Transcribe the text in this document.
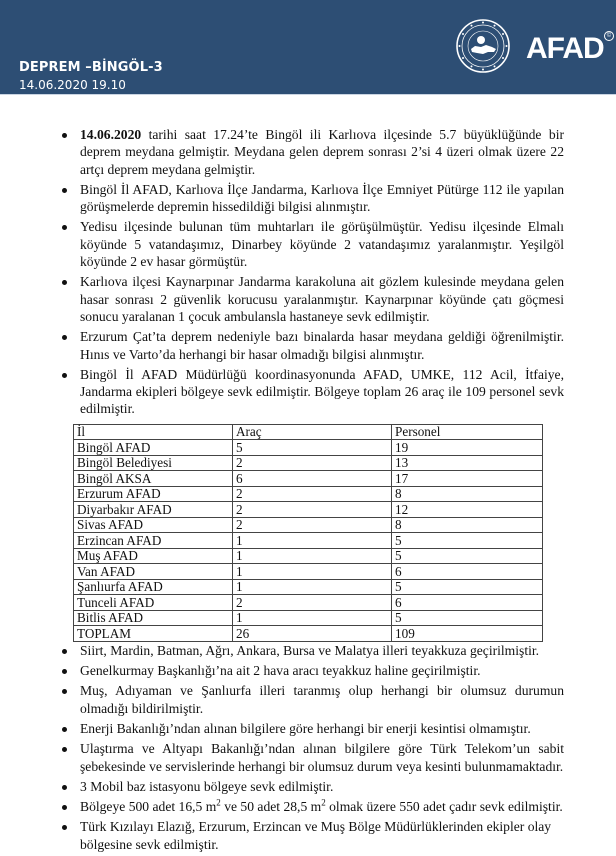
DEPREM –BİNGÖL-3
14.06.2020 19.10
AFAD ©
14.06.2020 tarihi saat 17.24’te Bingöl ili Karlıova ilçesinde 5.7 büyüklüğünde bir deprem meydana gelmiştir. Meydana gelen deprem sonrası 2’si 4 üzeri olmak üzere 22 artçı deprem meydana gelmiştir.
Bingöl İl AFAD, Karlıova İlçe Jandarma, Karlıova İlçe Emniyet Pütürge 112 ile yapılan görüşmelerde depremin hissedildiği bilgisi alınmıştır.
Yedisu ilçesinde bulunan tüm muhtarları ile görüşülmüştür. Yedisu ilçesinde Elmalı köyünde 5 vatandaşımız, Dinarbey köyünde 2 vatandaşımız yaralanmıştır. Yeşilgöl köyünde 2 ev hasar görmüştür.
Karlıova ilçesi Kaynarpınar Jandarma karakoluna ait gözlem kulesinde meydana gelen hasar sonrası 2 güvenlik korucusu yaralanmıştır. Kaynarpınar köyünde çatı göçmesi sonucu yaralanan 1 çocuk ambulansla hastaneye sevk edilmiştir.
Erzurum Çat’ta deprem nedeniyle bazı binalarda hasar meydana geldiği öğrenilmiştir. Hınıs ve Varto’da herhangi bir hasar olmadığı bilgisi alınmıştır.
Bingöl İl AFAD Müdürlüğü koordinasyonunda AFAD, UMKE, 112 Acil, İtfaiye, Jandarma ekipleri bölgeye sevk edilmiştir. Bölgeye toplam 26 araç ile 109 personel sevk edilmiştir.
İl	Araç	Personel
Bingöl AFAD	5	19
Bingöl Belediyesi	2	13
Bingöl AKSA	6	17
Erzurum AFAD	2	8
Diyarbakır AFAD	2	12
Sivas AFAD	2	8
Erzincan AFAD	1	5
Muş AFAD	1	5
Van AFAD	1	6
Şanlıurfa AFAD	1	5
Tunceli AFAD	2	6
Bitlis AFAD	1	5
TOPLAM	26	109
Siirt, Mardin, Batman, Ağrı, Ankara, Bursa ve Malatya illeri teyakkuza geçirilmiştir.
Genelkurmay Başkanlığı’na ait 2 hava aracı teyakkuz haline geçirilmiştir.
Muş, Adıyaman ve Şanlıurfa illeri taranmış olup herhangi bir olumsuz durumun olmadığı bildirilmiştir.
Enerji Bakanlığı’ndan alınan bilgilere göre herhangi bir enerji kesintisi olmamıştır.
Ulaştırma ve Altyapı Bakanlığı’ndan alınan bilgilere göre Türk Telekom’un sabit şebekesinde ve servislerinde herhangi bir olumsuz durum veya kesinti bulunmamaktadır.
3 Mobil baz istasyonu bölgeye sevk edilmiştir.
Bölgeye 500 adet 16,5 $m^2$ ve 50 adet 28,5 $m^2$ olmak üzere 550 adet çadır sevk edilmiştir.
Türk Kızılayı Elazığ, Erzurum, Erzincan ve Muş Bölge Müdürlüklerinden ekipler olay bölgesine sevk edilmiştir.
